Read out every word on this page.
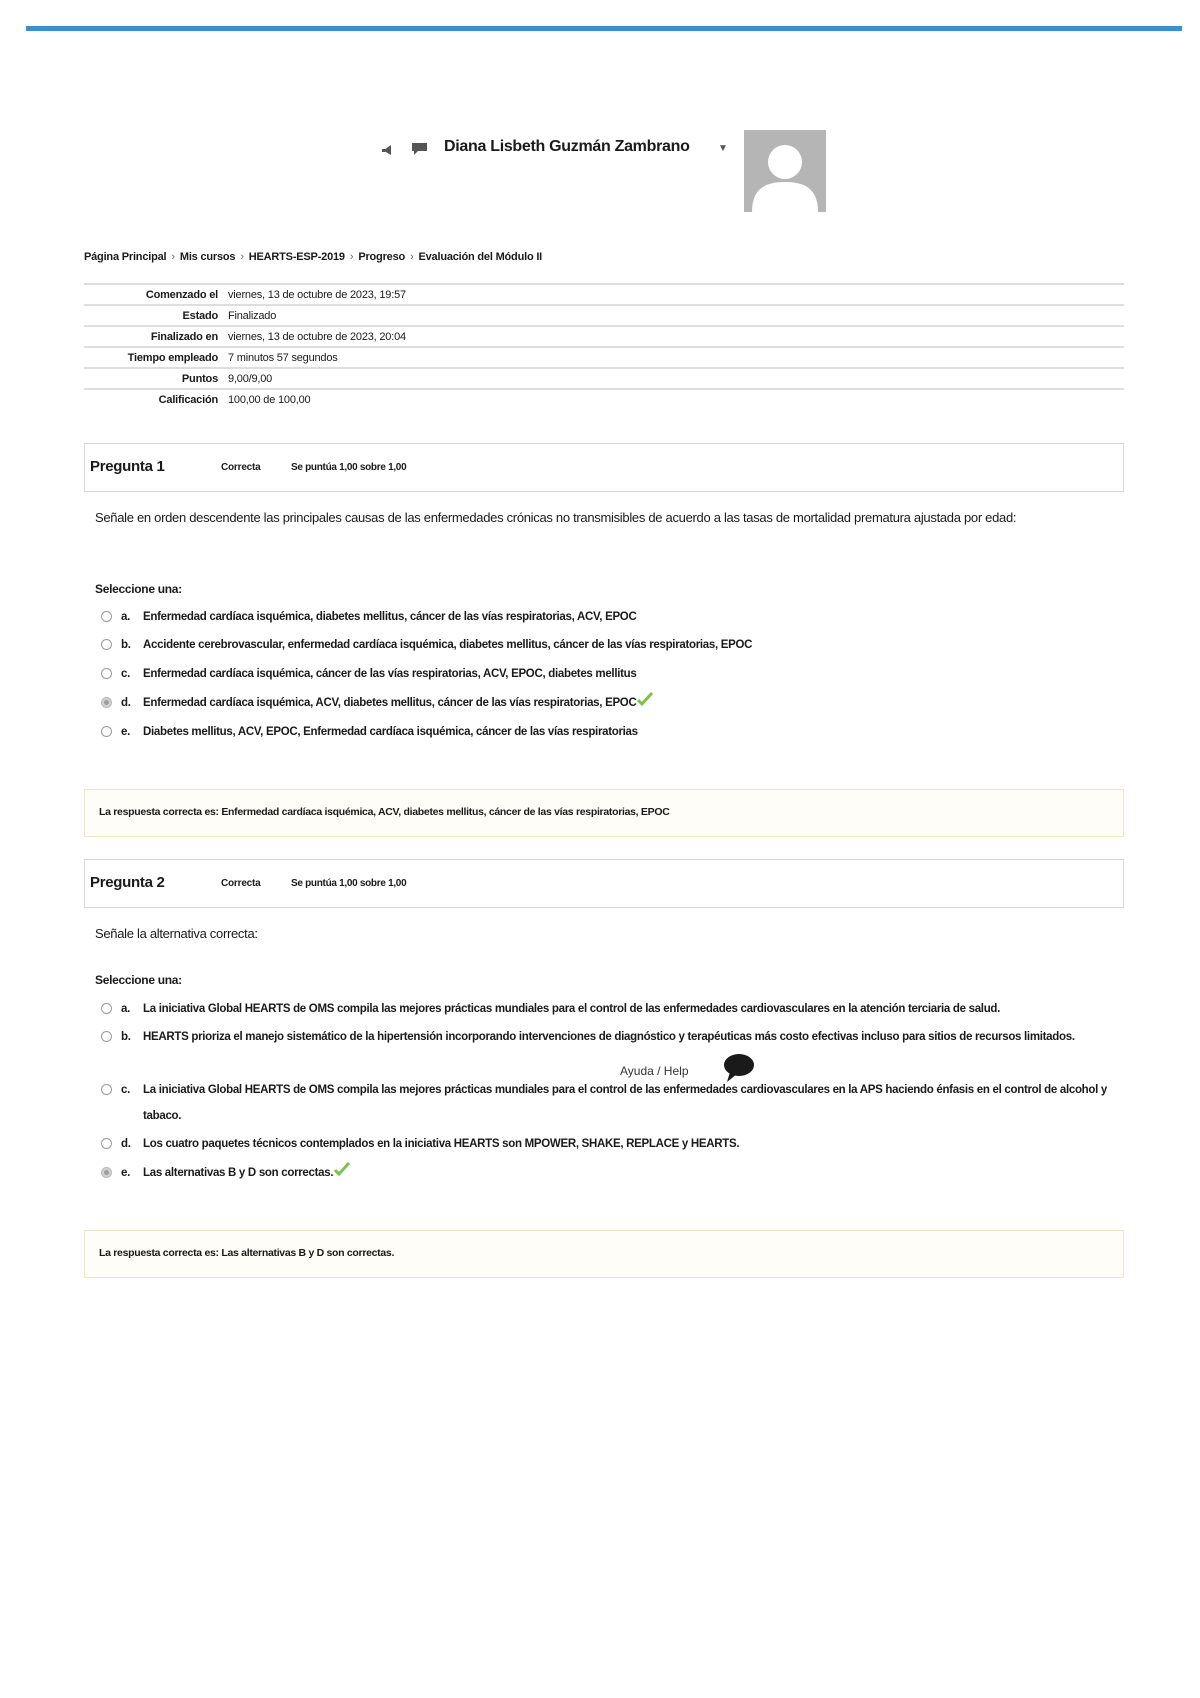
Diana Lisbeth Guzmán Zambrano	▼
Página Principal › Mis cursos › HEARTS-ESP-2019 › Progreso › Evaluación del Módulo II
Comenzado el	viernes, 13 de octubre de 2023, 19:57
Estado	Finalizado
Finalizado en	viernes, 13 de octubre de 2023, 20:04
Tiempo empleado	7 minutos 57 segundos
Puntos	9,00/9,00
Calificación	100,00 de 100,00
Pregunta 1	Correcta	Se puntúa 1,00 sobre 1,00
Señale en orden descendente las principales causas de las enfermedades crónicas no transmisibles de acuerdo a las tasas de mortalidad prematura ajustada por edad:
Seleccione una:
a. Enfermedad cardíaca isquémica, diabetes mellitus, cáncer de las vías respiratorias, ACV, EPOC
b. Accidente cerebrovascular, enfermedad cardíaca isquémica, diabetes mellitus, cáncer de las vías respiratorias, EPOC
c. Enfermedad cardíaca isquémica, cáncer de las vías respiratorias, ACV, EPOC, diabetes mellitus
d. Enfermedad cardíaca isquémica, ACV, diabetes mellitus, cáncer de las vías respiratorias, EPOC
e. Diabetes mellitus, ACV, EPOC, Enfermedad cardíaca isquémica, cáncer de las vías respiratorias
La respuesta correcta es: Enfermedad cardíaca isquémica, ACV, diabetes mellitus, cáncer de las vías respiratorias, EPOC
Pregunta 2	Correcta	Se puntúa 1,00 sobre 1,00
Señale la alternativa correcta:
Seleccione una:
a. La iniciativa Global HEARTS de OMS compila las mejores prácticas mundiales para el control de las enfermedades cardiovasculares en la atención terciaria de salud.
b. HEARTS prioriza el manejo sistemático de la hipertensión incorporando intervenciones de diagnóstico y terapéuticas más costo efectivas incluso para sitios de recursos limitados.
c. La iniciativa Global HEARTS de OMS compila las mejores prácticas mundiales para el control de las enfermedades cardiovasculares en la APS haciendo énfasis en el control de alcohol y tabaco.
d. Los cuatro paquetes técnicos contemplados en la iniciativa HEARTS son MPOWER, SHAKE, REPLACE y HEARTS.
e. Las alternativas B y D son correctas.
La respuesta correcta es: Las alternativas B y D son correctas.
Ayuda / Help
